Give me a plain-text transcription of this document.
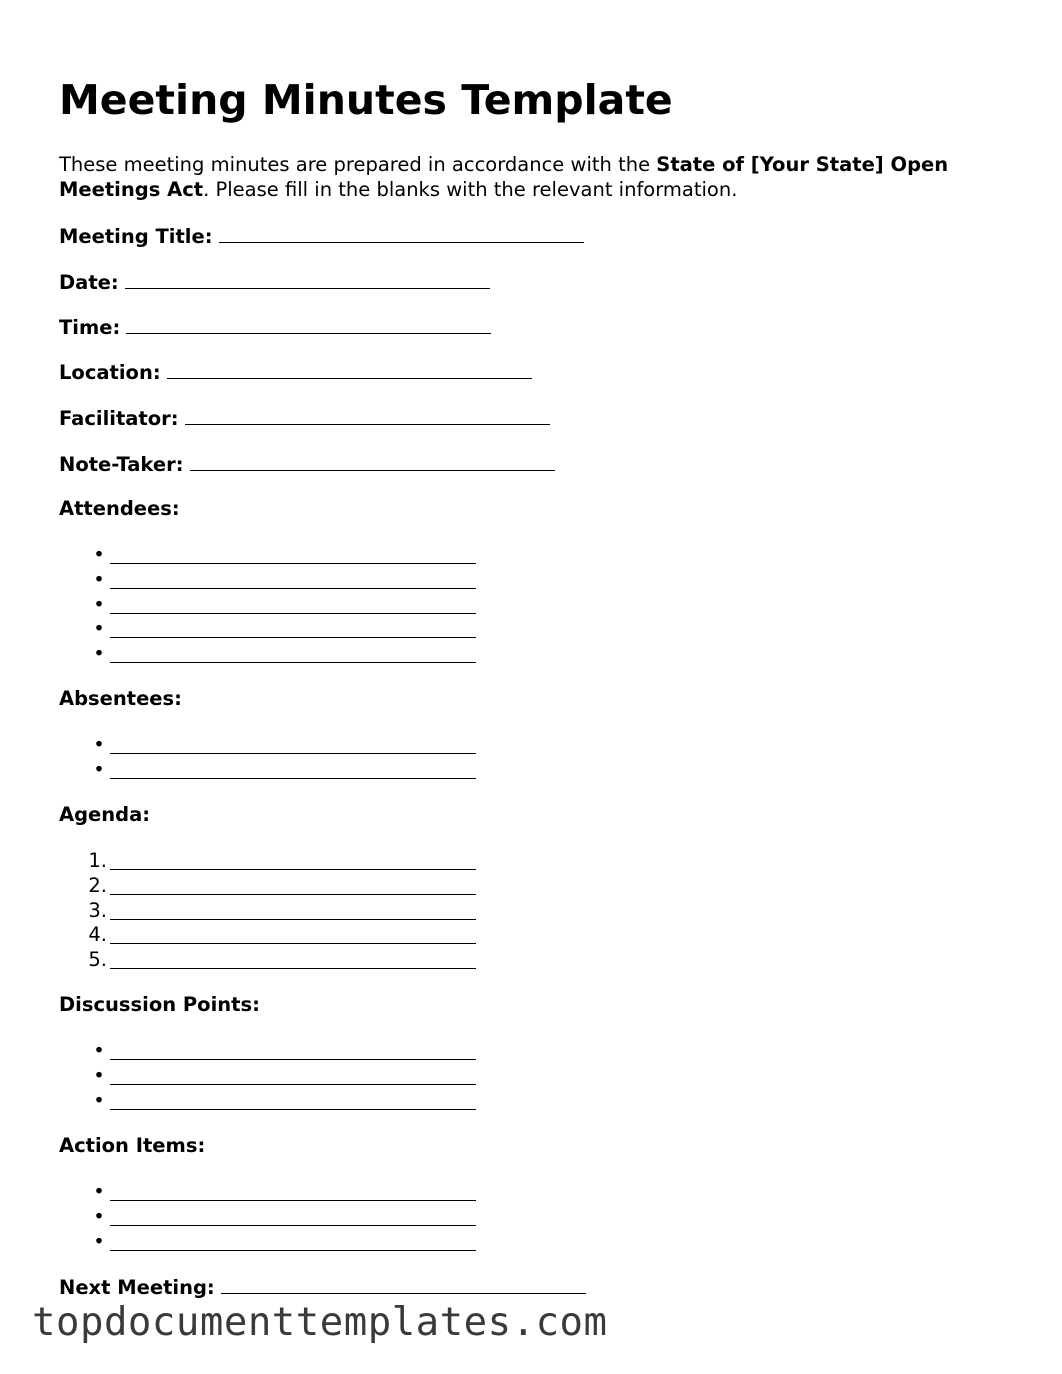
Meeting Minutes Template

These meeting minutes are prepared in accordance with the State of [Your State] Open Meetings Act. Please fill in the blanks with the relevant information.

Meeting Title:

Date:

Time:

Location:

Facilitator:

Note-Taker:

Attendees:
•
•
•
•
•
Absentees:
•
•
Agenda:
1.
2.
3.
4.
5.
Discussion Points:
•
•
•
Action Items:
•
•
•

Next Meeting:

topdocumenttemplates.com
